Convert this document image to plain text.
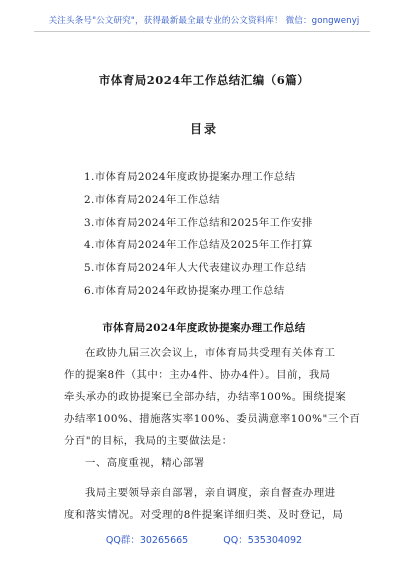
关注头条号"公文研究"，获得最新最全最专业的公文资料库！ 微信：gongwenyj
市体育局2024年工作总结汇编（6篇）
目录
1.市体育局2024年度政协提案办理工作总结
2.市体育局2024年工作总结
3.市体育局2024年工作总结和2025年工作安排
4.市体育局2024年工作总结及2025年工作打算
5.市体育局2024年人大代表建议办理工作总结
6.市体育局2024年政协提案办理工作总结
市体育局2024年度政协提案办理工作总结
在政协九届三次会议上，市体育局共受理有关体育工
作的提案8件（其中：主办4件、协办4件）。目前，我局
牵头承办的政协提案已全部办结，办结率100%。围绕提案
办结率100%、措施落实率100%、委员满意率100%"三个百
分百"的目标，我局的主要做法是：
一、高度重视，精心部署
我局主要领导亲自部署，亲自调度，亲自督查办理进
度和落实情况。对受理的8件提案详细归类、及时登记，局
QQ群：30265665	QQ：535304092
